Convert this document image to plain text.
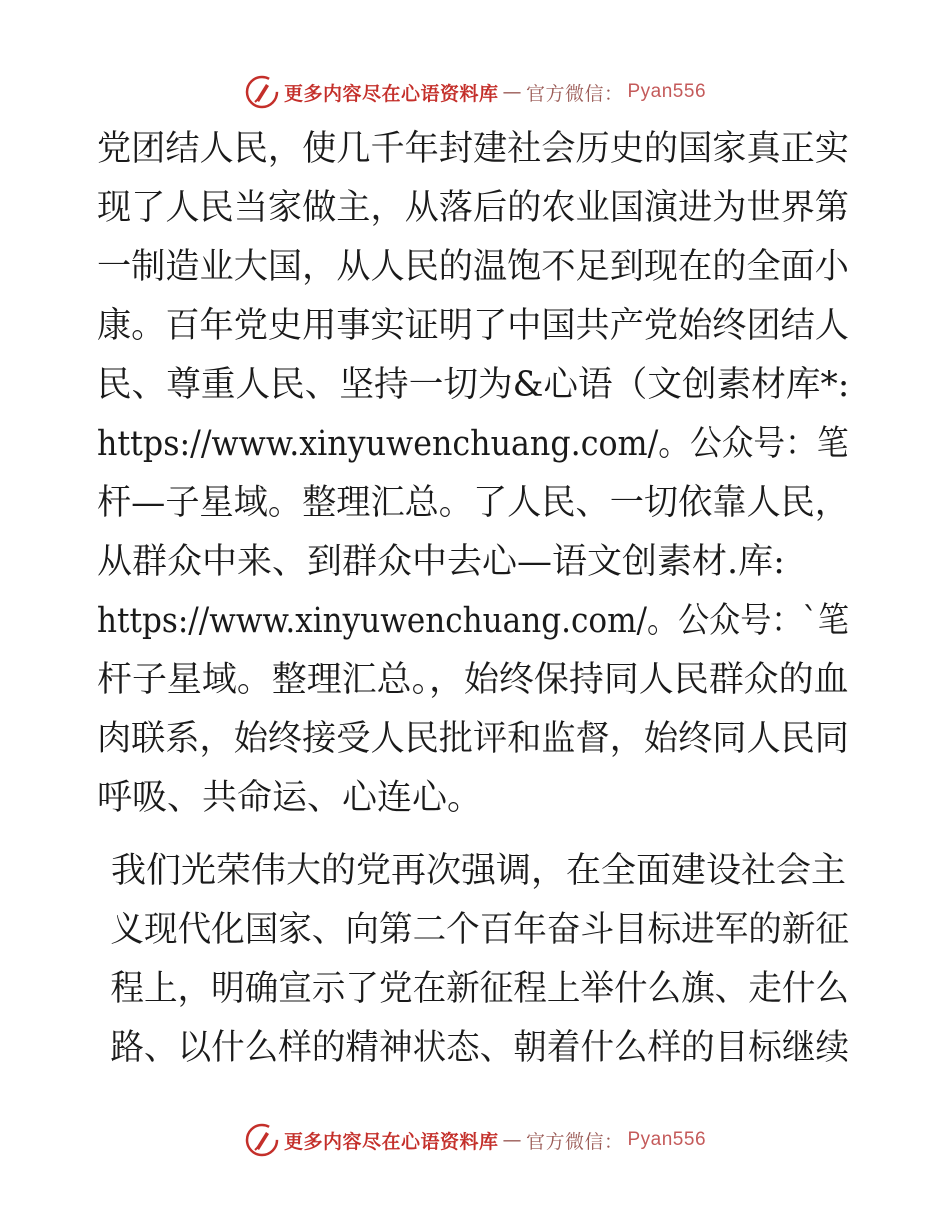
更多内容尽在心语资料库 — 官方微信： Pyan556

党团结人民，使几千年封建社会历史的国家真正实
现了人民当家做主，从落后的农业国演进为世界第
一制造业大国，从人民的温饱不足到现在的全面小
康。百年党史用事实证明了中国共产党始终团结人
民、尊重人民、坚持一切为&心语（文创素材库*:
https://www.xinyuwenchuang.com/。公众号：笔
杆—子星域。整理汇总。了人民、一切依靠人民，
从群众中来、到群众中去心—语文创素材.库:
https://www.xinyuwenchuang.com/。公众号：`笔
杆子星域。整理汇总。，始终保持同人民群众的血
肉联系，始终接受人民批评和监督，始终同人民同
呼吸、共命运、心连心。

我们光荣伟大的党再次强调，在全面建设社会主
义现代化国家、向第二个百年奋斗目标进军的新征
程上，明确宣示了党在新征程上举什么旗、走什么
路、以什么样的精神状态、朝着什么样的目标继续

更多内容尽在心语资料库 — 官方微信： Pyan556
